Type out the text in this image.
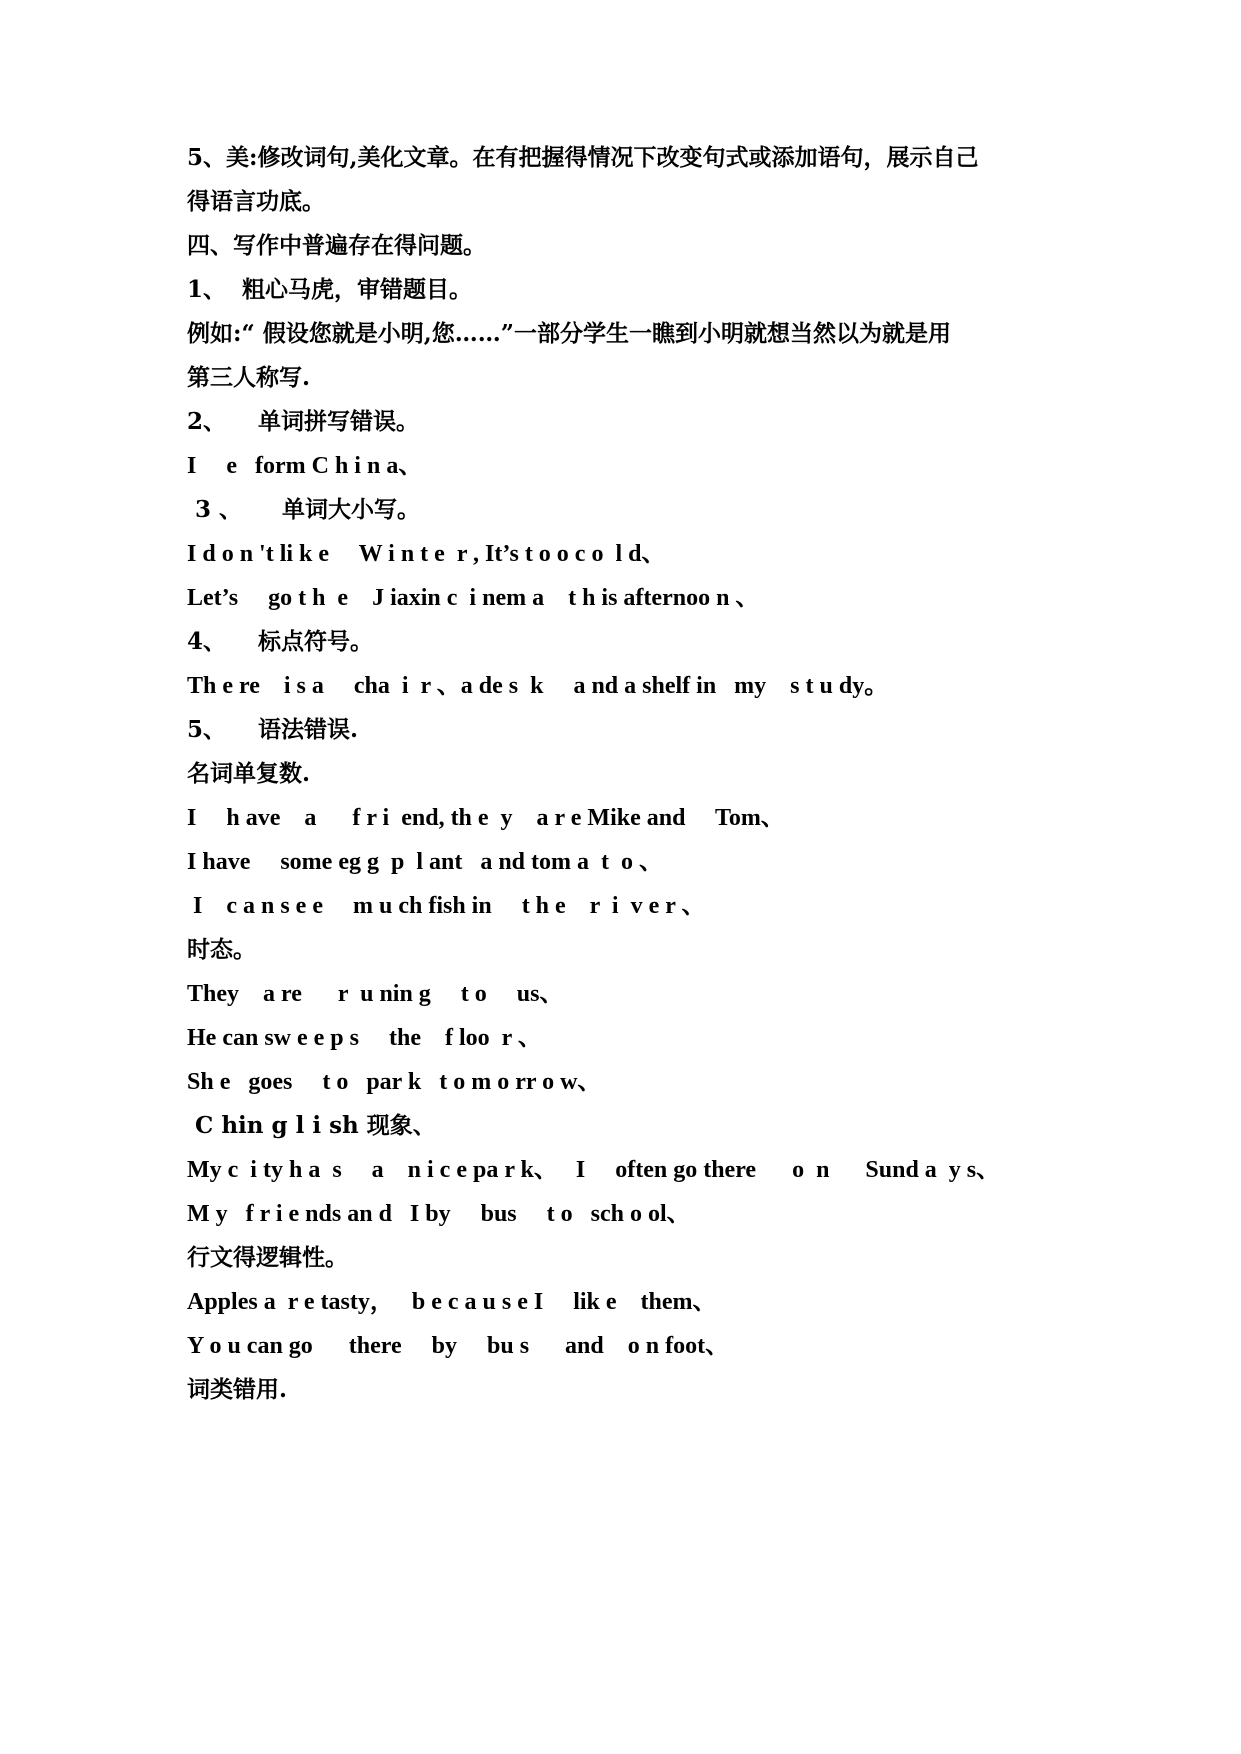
5、美:修改词句,美化文章。在有把握得情况下改变句式或添加语句，展示自己
得语言功底。
四、写作中普遍存在得问题。
1、  粗心马虎，审错题目。
例如:“ 假设您就是小明,您……”一部分学生一瞧到小明就想当然以为就是用
第三人称写.
2、    单词拼写错误。
I     e   form C h i n a、
3 、     单词大小写。
I d o n 't li k e     W i n t e  r , It’s t o o c o  l d、
Let’s     go t h  e    J iaxin c  i nem a    t h is afternoo n 、
4、    标点符号。
Th e re    i s a     cha  i  r 、a de s  k     a nd a shelf in   my    s t u dy。
5、    语法错误.
名词单复数.
I     h ave    a      f r i  end, th e  y    a r e Mike and     Tom、
I have     some eg g  p  l ant   a nd tom a  t  o 、
I    c a n s e e     m u ch fish in     t h e    r  i  v e r 、
时态。
They    a re      r  u nin g     t o     us、
He can sw e e p s     the    f loo  r 、
Sh e   goes     t o   par k   t o m o rr o w、
C hin g l i sh 现象、
My c  i ty h a  s     a    n i c e pa r k、   I     often go there      o  n      Sund a  y s、
M y   f r i e nds an d   I by     bus     t o   sch o ol、
行文得逻辑性。
Apples a  r e tasty，   b e c a u s e I     lik e    them、
Y o u can go      there     by     bu s      and    o n foot、
词类错用.
